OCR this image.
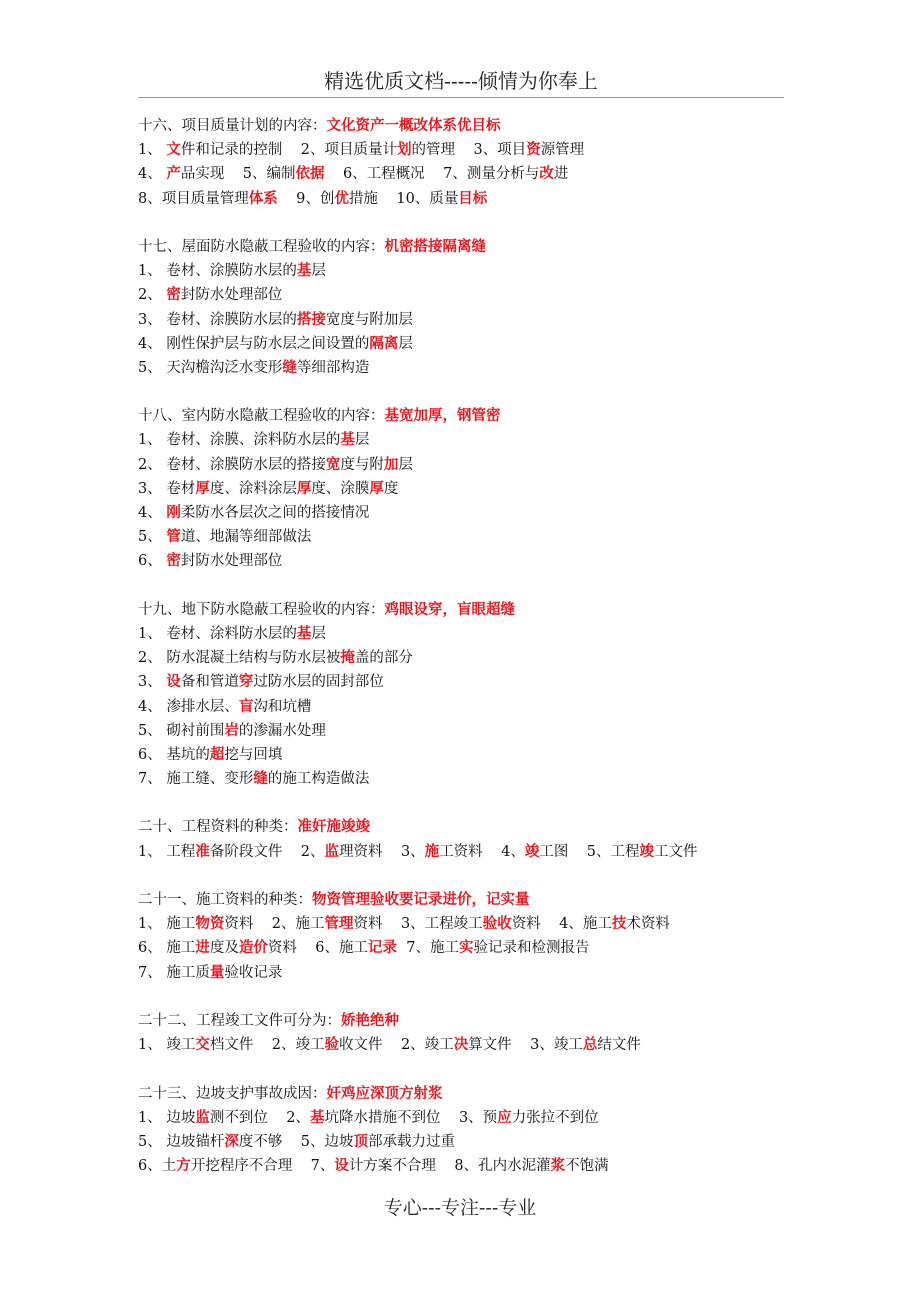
精选优质文档-----倾情为你奉上
十六、项目质量计划的内容：文化资产一概改体系优目标
1、 文件和记录的控制    2、项目质量计划的管理    3、项目资源管理
4、 产品实现    5、编制依据    6、工程概况    7、测量分析与改进
8、项目质量管理体系    9、创优措施    10、质量目标
十七、屋面防水隐蔽工程验收的内容：机密搭接隔离缝
1、 卷材、涂膜防水层的基层
2、 密封防水处理部位
3、 卷材、涂膜防水层的搭接宽度与附加层
4、 刚性保护层与防水层之间设置的隔离层
5、 天沟檐沟泛水变形缝等细部构造
十八、室内防水隐蔽工程验收的内容：基宽加厚，钢管密
1、 卷材、涂膜、涂料防水层的基层
2、 卷材、涂膜防水层的搭接宽度与附加层
3、 卷材厚度、涂料涂层厚度、涂膜厚度
4、 刚柔防水各层次之间的搭接情况
5、 管道、地漏等细部做法
6、 密封防水处理部位
十九、地下防水隐蔽工程验收的内容：鸡眼设穿，盲眼超缝
1、 卷材、涂料防水层的基层
2、 防水混凝土结构与防水层被掩盖的部分
3、 设备和管道穿过防水层的固封部位
4、 渗排水层、盲沟和坑槽
5、 砌衬前围岩的渗漏水处理
6、 基坑的超挖与回填
7、 施工缝、变形缝的施工构造做法
二十、工程资料的种类：准奸施竣竣
1、 工程准备阶段文件    2、监理资料    3、施工资料    4、竣工图    5、工程竣工文件
二十一、施工资料的种类：物资管理验收要记录进价，记实量
1、 施工物资资料    2、施工管理资料    3、工程竣工验收资料    4、施工技术资料
6、 施工进度及造价资料    6、施工记录  7、施工实验记录和检测报告
7、 施工质量验收记录
二十二、工程竣工文件可分为：娇艳绝种
1、 竣工交档文件    2、竣工验收文件    2、竣工决算文件    3、竣工总结文件
二十三、边坡支护事故成因：奸鸡应深顶方射浆
1、 边坡监测不到位    2、基坑降水措施不到位    3、预应力张拉不到位
5、 边坡锚杆深度不够    5、边坡顶部承载力过重
6、土方开挖程序不合理    7、设计方案不合理    8、孔内水泥灌浆不饱满
专心---专注---专业
